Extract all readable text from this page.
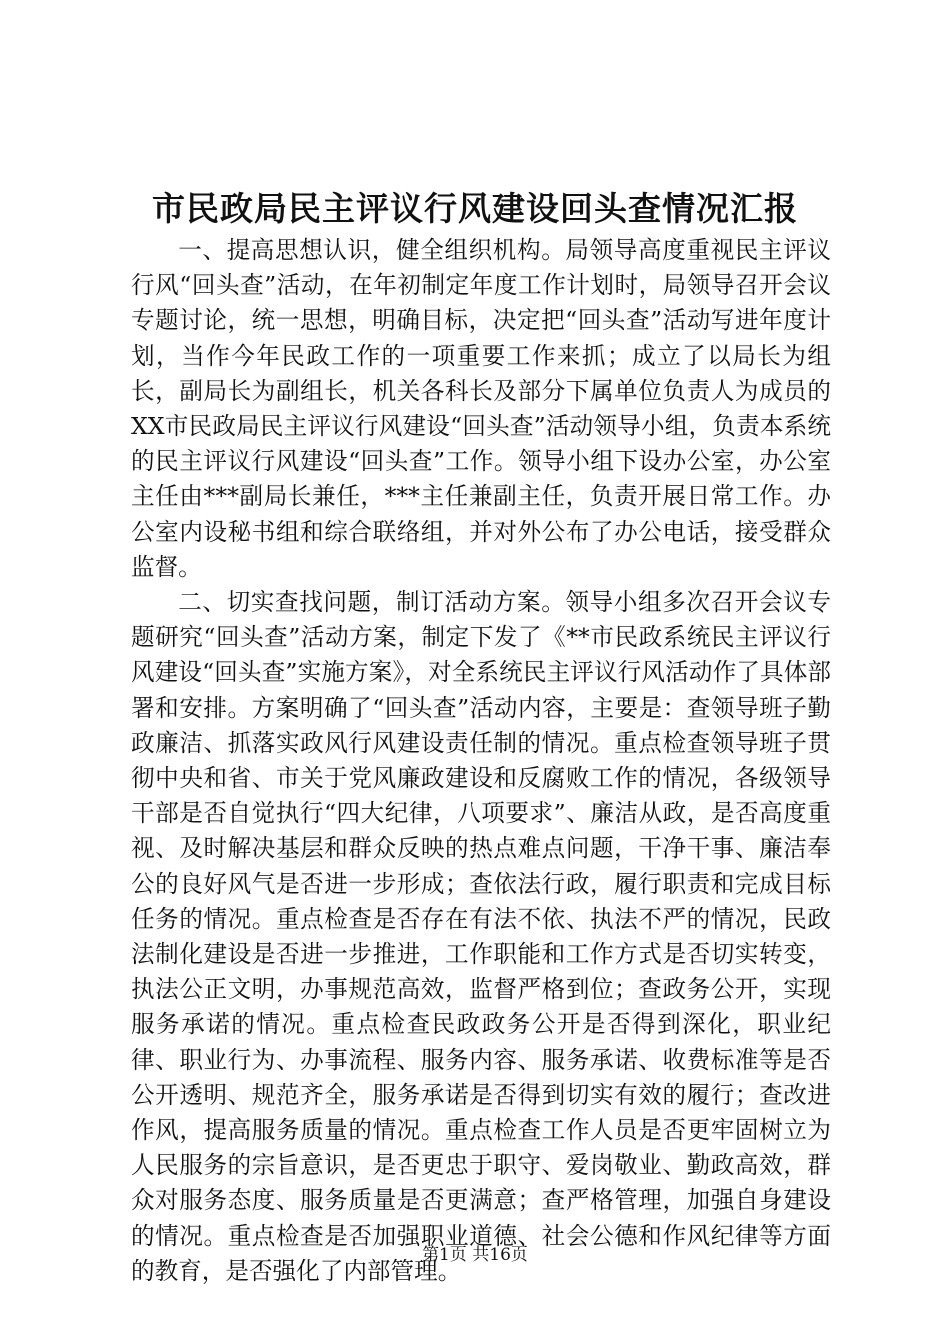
市民政局民主评议行风建设回头查情况汇报

一、提高思想认识，健全组织机构。局领导高度重视民主评议行风“回头查”活动，在年初制定年度工作计划时，局领导召开会议专题讨论，统一思想，明确目标，决定把“回头查”活动写进年度计划，当作今年民政工作的一项重要工作来抓；成立了以局长为组长，副局长为副组长，机关各科长及部分下属单位负责人为成员的XX市民政局民主评议行风建设“回头查”活动领导小组，负责本系统的民主评议行风建设“回头查”工作。领导小组下设办公室，办公室主任由***副局长兼任，***主任兼副主任，负责开展日常工作。办公室内设秘书组和综合联络组，并对外公布了办公电话，接受群众监督。

二、切实查找问题，制订活动方案。领导小组多次召开会议专题研究“回头查”活动方案，制定下发了《**市民政系统民主评议行风建设“回头查”实施方案》，对全系统民主评议行风活动作了具体部署和安排。方案明确了“回头查”活动内容，主要是：查领导班子勤政廉洁、抓落实政风行风建设责任制的情况。重点检查领导班子贯彻中央和省、市关于党风廉政建设和反腐败工作的情况，各级领导干部是否自觉执行“四大纪律，八项要求”、廉洁从政，是否高度重视、及时解决基层和群众反映的热点难点问题，干净干事、廉洁奉公的良好风气是否进一步形成；查依法行政，履行职责和完成目标任务的情况。重点检查是否存在有法不依、执法不严的情况，民政法制化建设是否进一步推进，工作职能和工作方式是否切实转变，执法公正文明，办事规范高效，监督严格到位；查政务公开，实现服务承诺的情况。重点检查民政政务公开是否得到深化，职业纪律、职业行为、办事流程、服务内容、服务承诺、收费标准等是否公开透明、规范齐全，服务承诺是否得到切实有效的履行；查改进作风，提高服务质量的情况。重点检查工作人员是否更牢固树立为人民服务的宗旨意识，是否更忠于职守、爱岗敬业、勤政高效，群众对服务态度、服务质量是否更满意；查严格管理，加强自身建设的情况。重点检查是否加强职业道德、社会公德和作风纪律等方面的教育，是否强化了内部管理。

第1页 共16页
